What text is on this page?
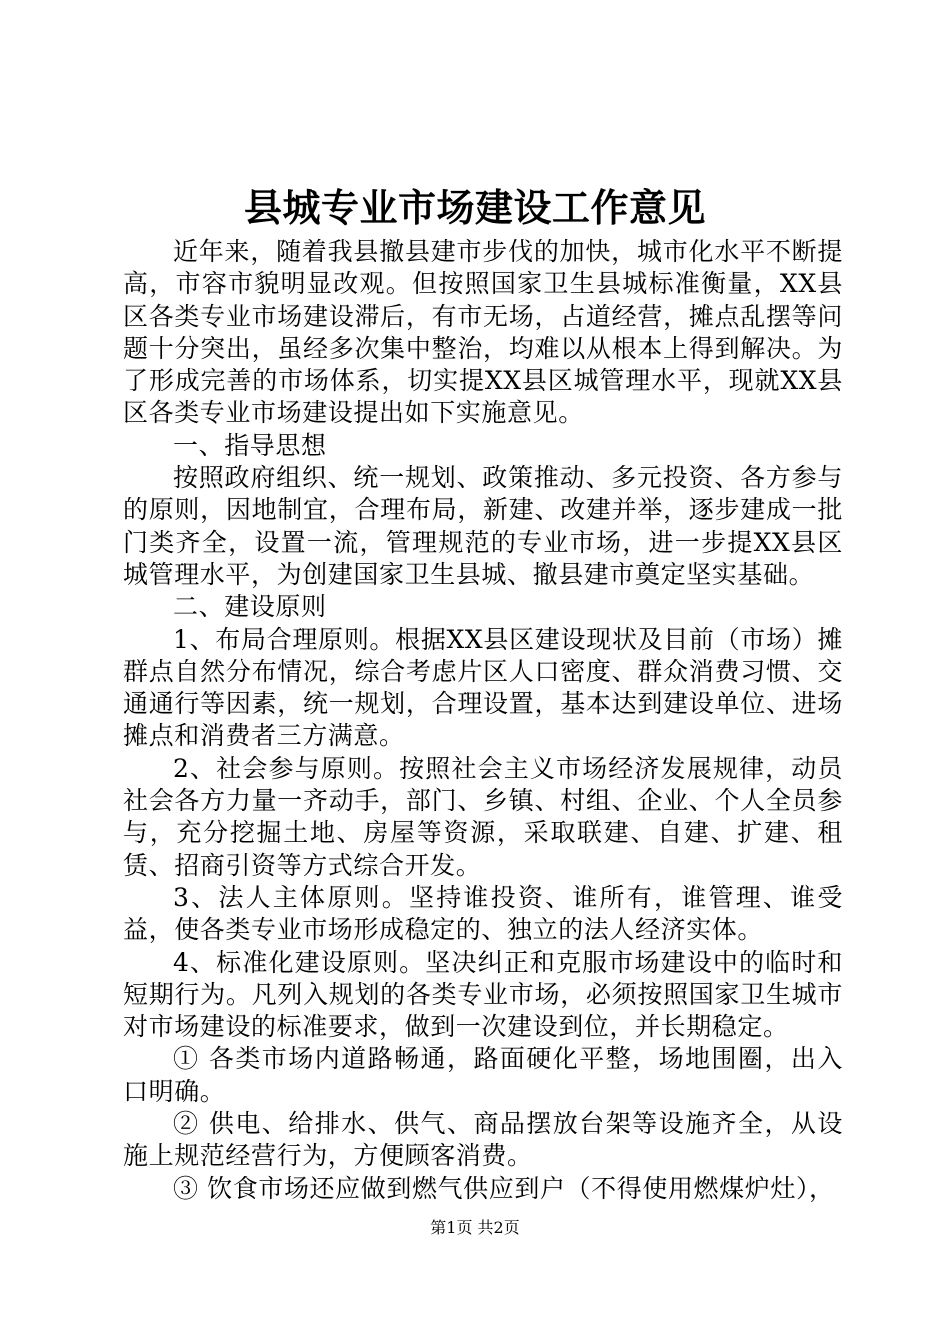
县城专业市场建设工作意见

近年来，随着我县撤县建市步伐的加快，城市化水平不断提高，市容市貌明显改观。但按照国家卫生县城标准衡量，XX县区各类专业市场建设滞后，有市无场，占道经营，摊点乱摆等问题十分突出，虽经多次集中整治，均难以从根本上得到解决。为了形成完善的市场体系，切实提XX县区城管理水平，现就XX县区各类专业市场建设提出如下实施意见。

一、指导思想

按照政府组织、统一规划、政策推动、多元投资、各方参与的原则，因地制宜，合理布局，新建、改建并举，逐步建成一批门类齐全，设置一流，管理规范的专业市场，进一步提XX县区城管理水平，为创建国家卫生县城、撤县建市奠定坚实基础。

二、建设原则

1、布局合理原则。根据XX县区建设现状及目前（市场）摊群点自然分布情况，综合考虑片区人口密度、群众消费习惯、交通通行等因素，统一规划，合理设置，基本达到建设单位、进场摊点和消费者三方满意。

2、社会参与原则。按照社会主义市场经济发展规律，动员社会各方力量一齐动手，部门、乡镇、村组、企业、个人全员参与，充分挖掘土地、房屋等资源，采取联建、自建、扩建、租赁、招商引资等方式综合开发。

3、法人主体原则。坚持谁投资、谁所有，谁管理、谁受益，使各类专业市场形成稳定的、独立的法人经济实体。

4、标准化建设原则。坚决纠正和克服市场建设中的临时和短期行为。凡列入规划的各类专业市场，必须按照国家卫生城市对市场建设的标准要求，做到一次建设到位，并长期稳定。

① 各类市场内道路畅通，路面硬化平整，场地围圈，出入口明确。

② 供电、给排水、供气、商品摆放台架等设施齐全，从设施上规范经营行为，方便顾客消费。

③ 饮食市场还应做到燃气供应到户（不得使用燃煤炉灶），

第1页 共2页
